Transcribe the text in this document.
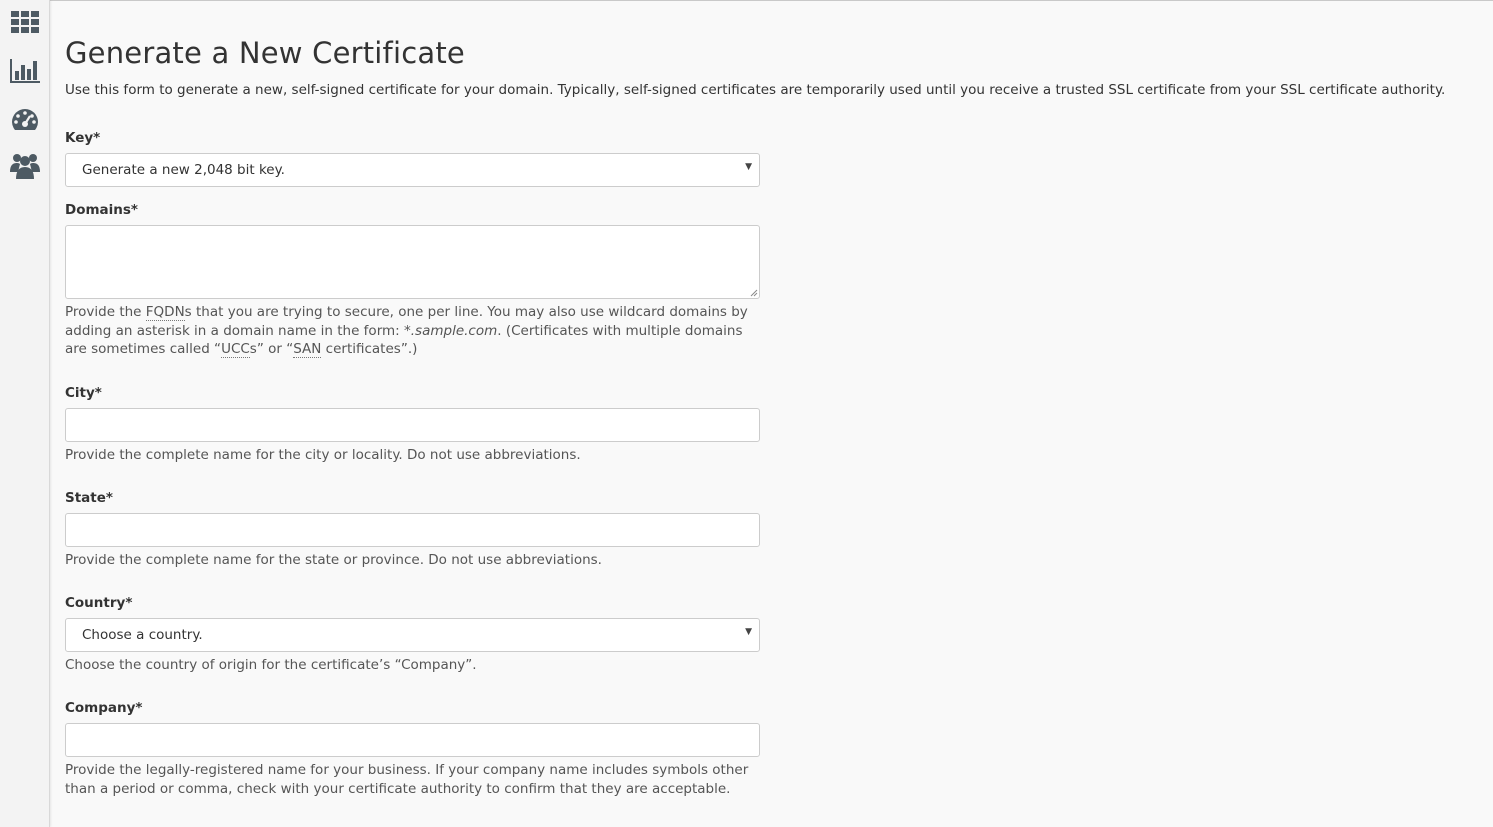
Generate a New Certificate

Use this form to generate a new, self-signed certificate for your domain. Typically, self-signed certificates are temporarily used until you receive a trusted SSL certificate from your SSL certificate authority.

Key*
Generate a new 2,048 bit key.	▼
Domains*
Provide the FQDNs that you are trying to secure, one per line. You may also use wildcard domains by adding an asterisk in a domain name in the form: *.sample.com. (Certificates with multiple domains are sometimes called “UCCs” or “SAN certificates”.)
City*
Provide the complete name for the city or locality. Do not use abbreviations.
State*
Provide the complete name for the state or province. Do not use abbreviations.
Country*
Choose a country.	▼
Choose the country of origin for the certificate’s “Company”.
Company*
Provide the legally-registered name for your business. If your company name includes symbols other than a period or comma, check with your certificate authority to confirm that they are acceptable.
